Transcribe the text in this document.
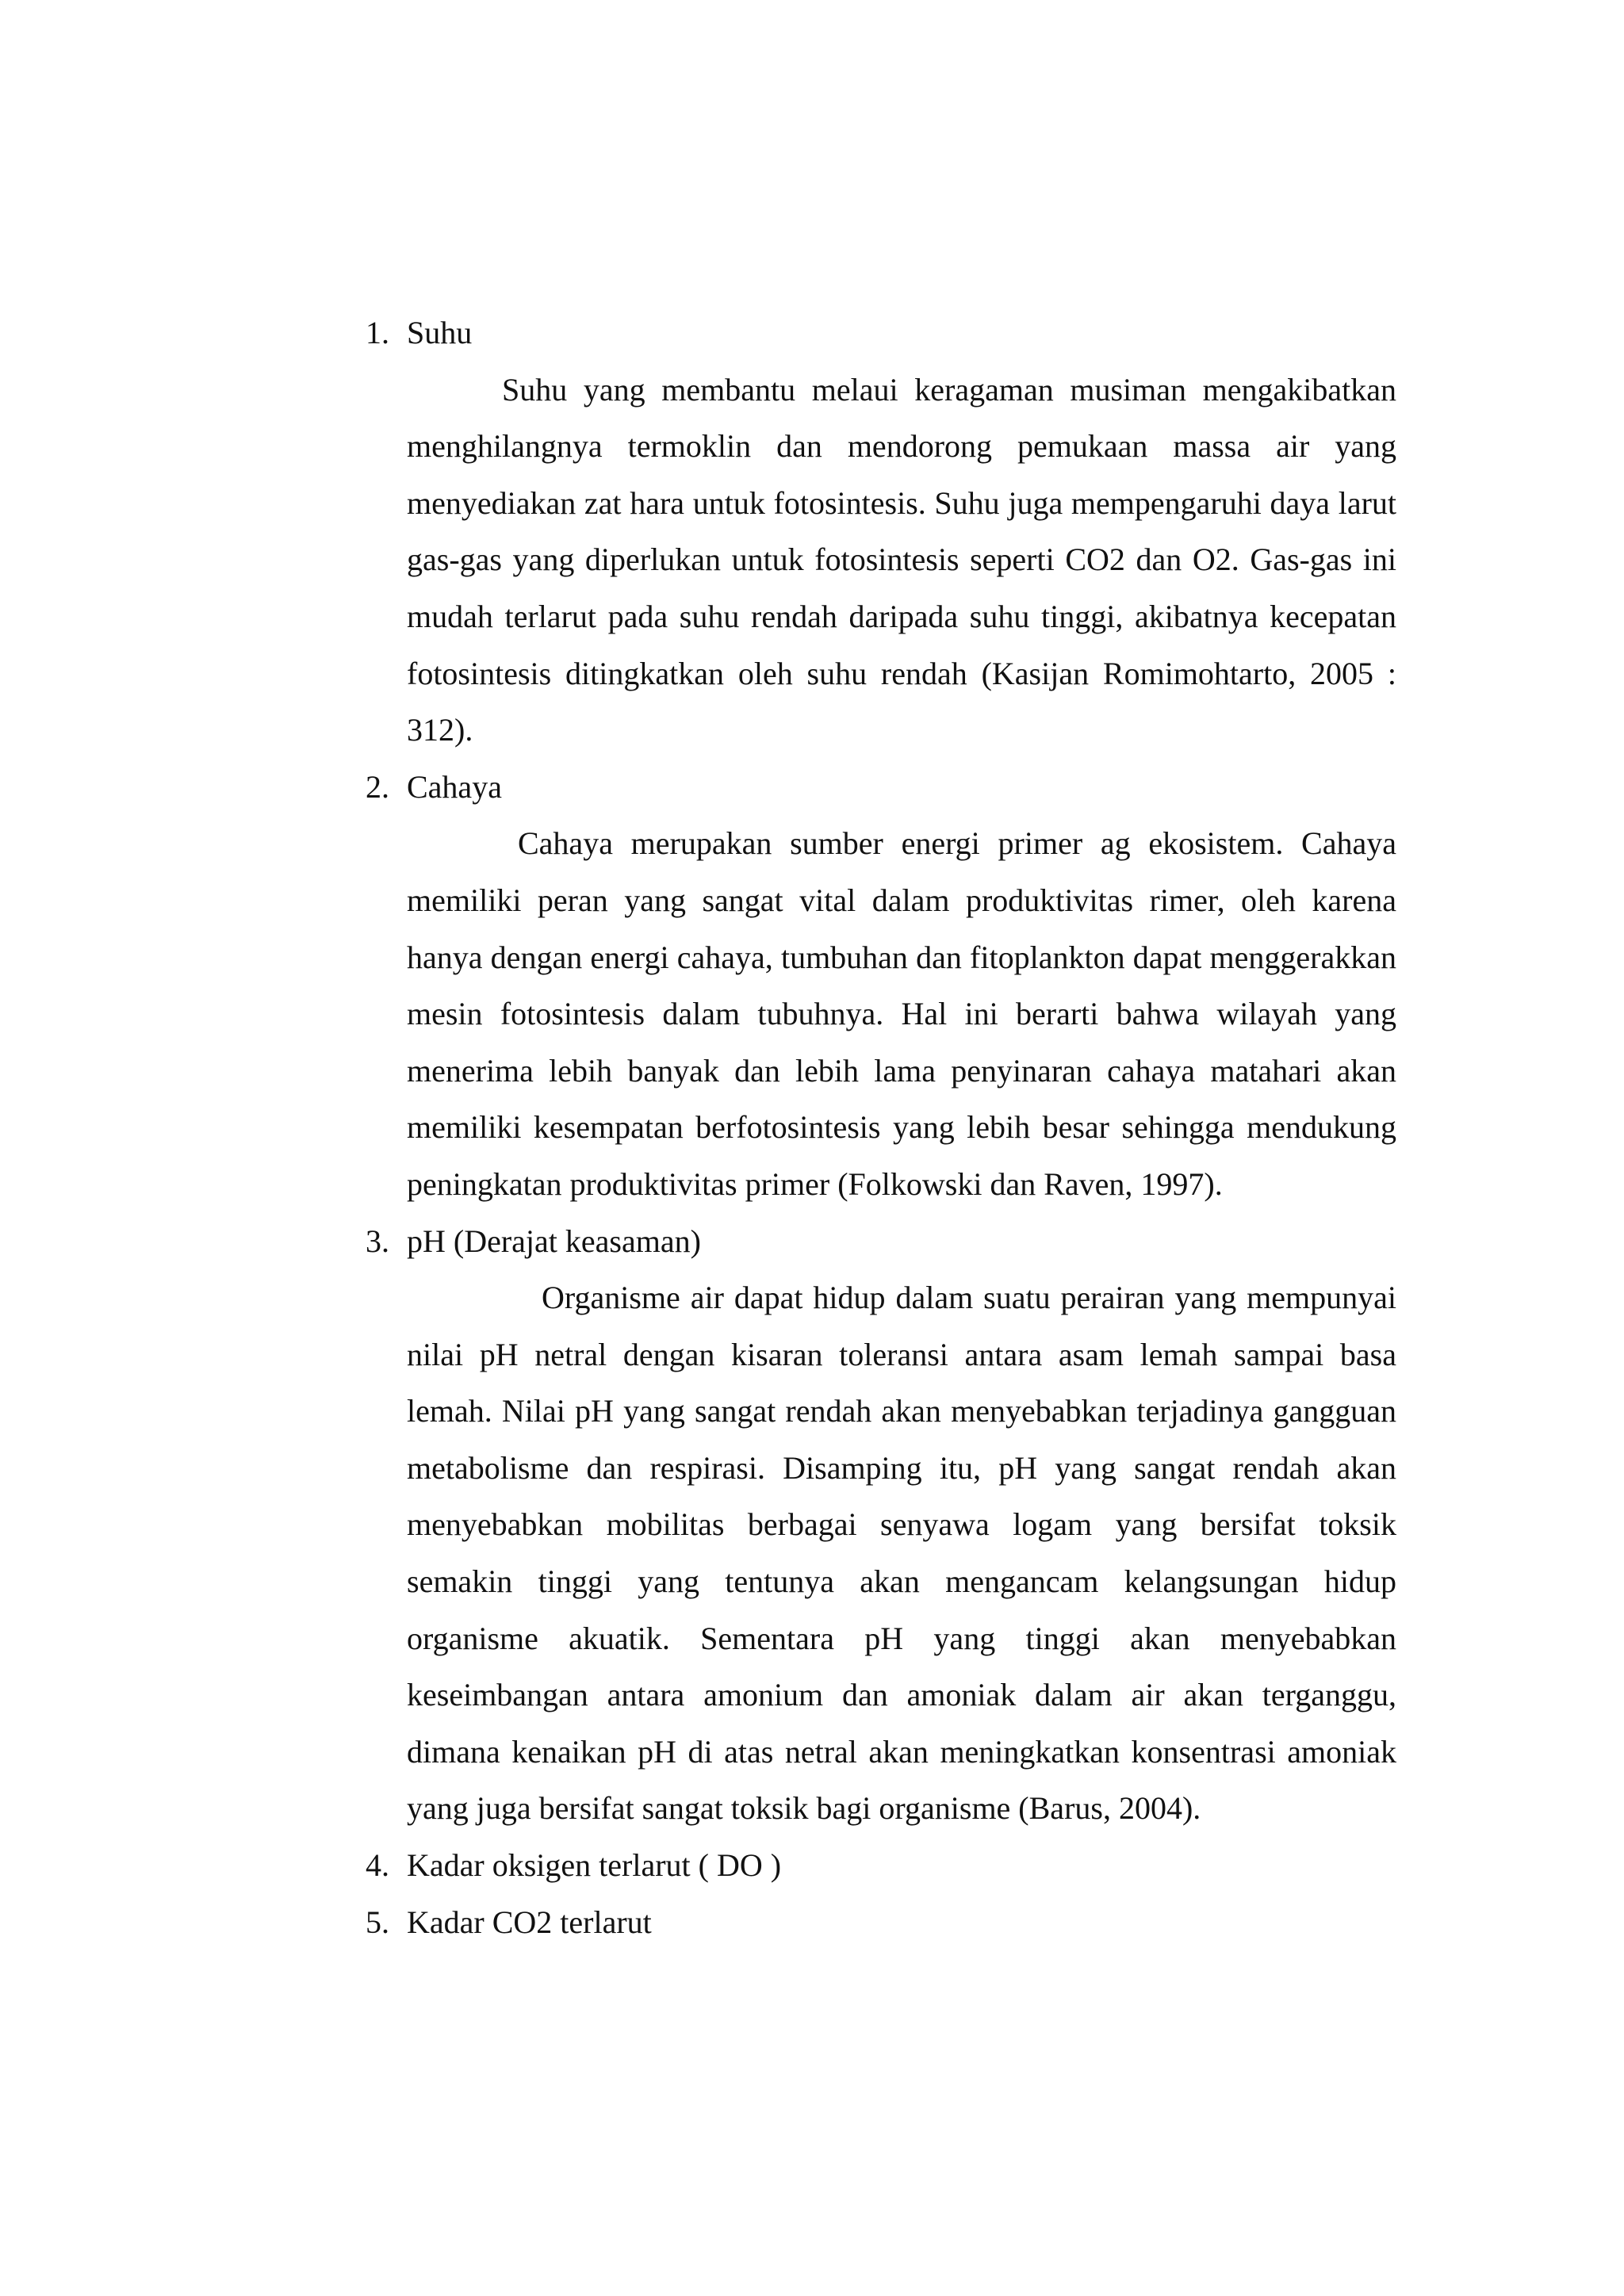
1. Suhu

Suhu yang membantu melaui keragaman musiman mengakibatkan menghilangnya termoklin dan mendorong pemukaan massa air yang menyediakan zat hara untuk fotosintesis. Suhu juga mempengaruhi daya larut gas-gas yang diperlukan untuk fotosintesis seperti CO2 dan O2. Gas-gas ini mudah terlarut pada suhu rendah daripada suhu tinggi, akibatnya kecepatan fotosintesis ditingkatkan oleh suhu rendah (Kasijan Romimohtarto, 2005 : 312).

2. Cahaya

Cahaya merupakan sumber energi primer ag ekosistem. Cahaya memiliki peran yang sangat vital dalam produktivitas rimer, oleh karena hanya dengan energi cahaya, tumbuhan dan fitoplankton dapat menggerakkan mesin fotosintesis dalam tubuhnya. Hal ini berarti bahwa wilayah yang menerima lebih banyak dan lebih lama penyinaran cahaya matahari akan memiliki kesempatan berfotosintesis yang lebih besar sehingga mendukung peningkatan produktivitas primer (Folkowski dan Raven, 1997).

3. pH (Derajat keasaman)

Organisme air dapat hidup dalam suatu perairan yang mempunyai nilai pH netral dengan kisaran toleransi antara asam lemah sampai basa lemah. Nilai pH yang sangat rendah akan menyebabkan terjadinya gangguan metabolisme dan respirasi. Disamping itu, pH yang sangat rendah akan menyebabkan mobilitas berbagai senyawa logam yang bersifat toksik semakin tinggi yang tentunya akan mengancam kelangsungan hidup organisme akuatik. Sementara pH yang tinggi akan menyebabkan keseimbangan antara amonium dan amoniak dalam air akan terganggu, dimana kenaikan pH di atas netral akan meningkatkan konsentrasi amoniak yang juga bersifat sangat toksik bagi organisme (Barus, 2004).

4. Kadar oksigen terlarut ( DO )
5. Kadar CO2 terlarut
